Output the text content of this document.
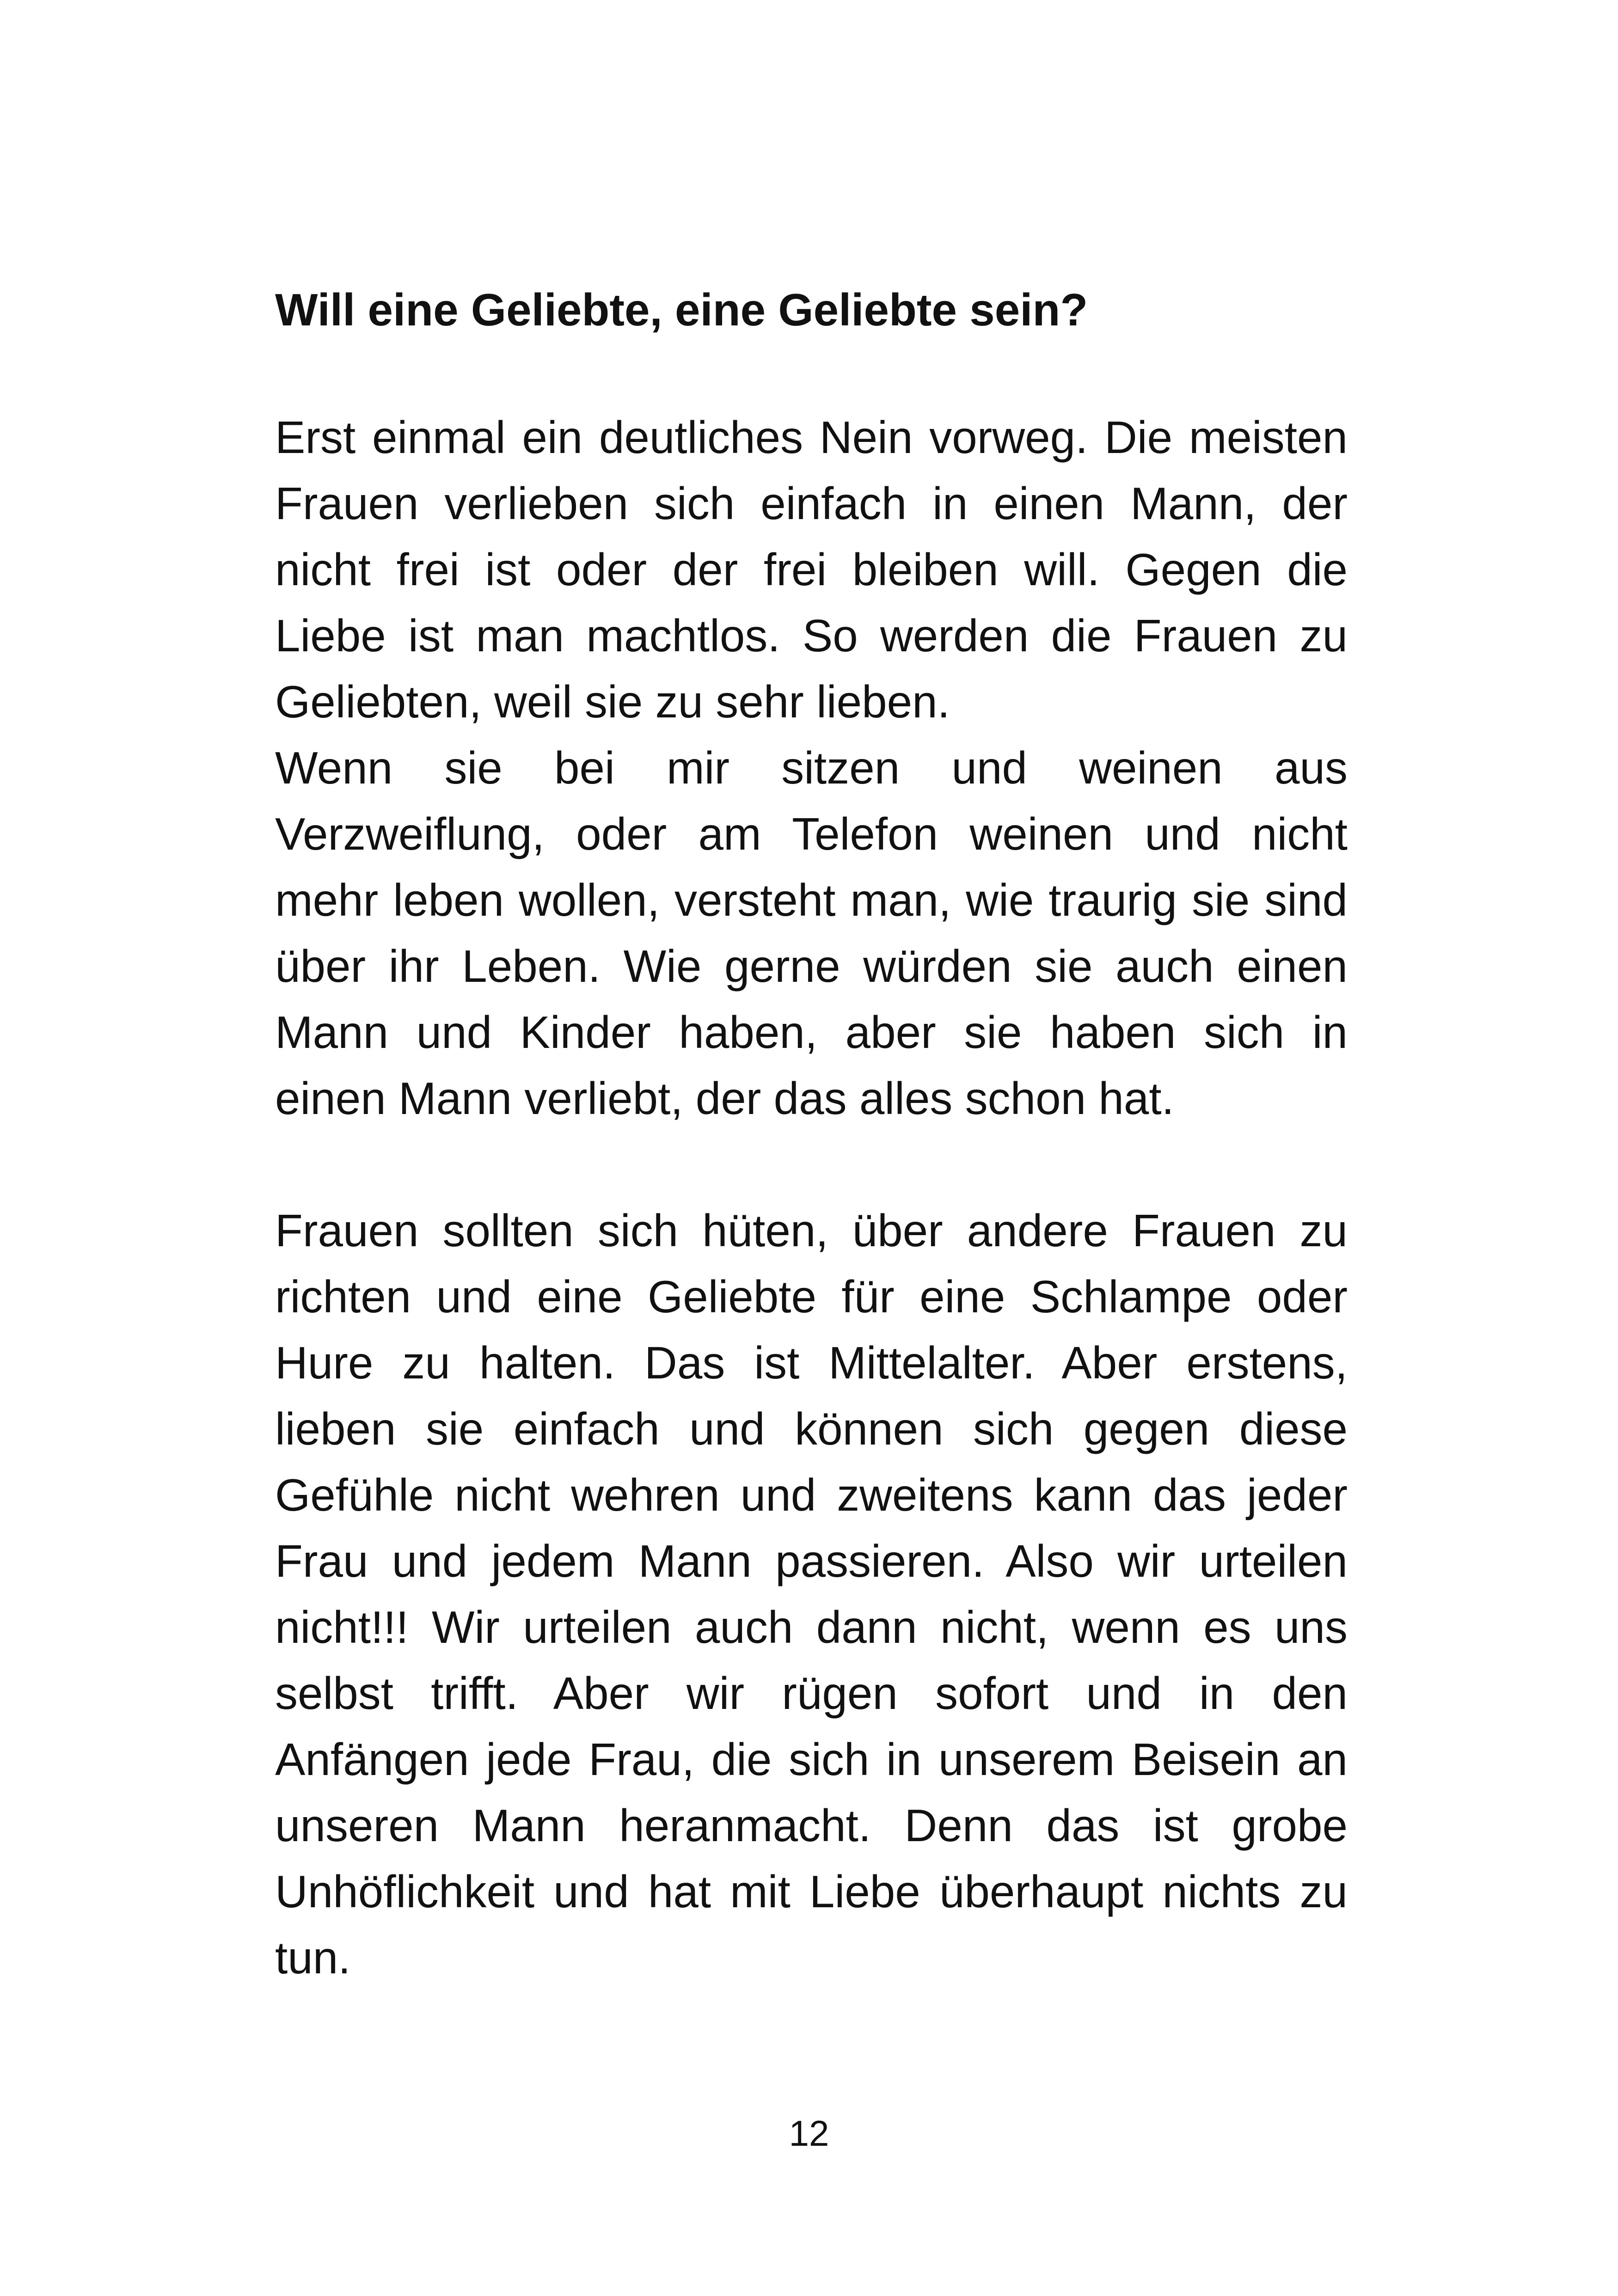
Will eine Geliebte, eine Geliebte sein?

Erst einmal ein deutliches Nein vorweg. Die meisten Frauen verlieben sich einfach in einen Mann, der nicht frei ist oder der frei bleiben will. Gegen die Liebe ist man machtlos. So werden die Frauen zu Geliebten, weil sie zu sehr lieben.

Wenn sie bei mir sitzen und weinen aus Verzweiflung, oder am Telefon weinen und nicht mehr leben wollen, versteht man, wie traurig sie sind über ihr Leben. Wie gerne würden sie auch einen Mann und Kinder haben, aber sie haben sich in einen Mann verliebt, der das alles schon hat.

Frauen sollten sich hüten, über andere Frauen zu richten und eine Geliebte für eine Schlampe oder Hure zu halten. Das ist Mittelalter. Aber erstens, lieben sie einfach und können sich gegen diese Gefühle nicht wehren und zweitens kann das jeder Frau und jedem Mann passieren. Also wir urteilen nicht!!! Wir urteilen auch dann nicht, wenn es uns selbst trifft. Aber wir rügen sofort und in den Anfängen jede Frau, die sich in unserem Beisein an unseren Mann heranmacht. Denn das ist grobe Unhöflichkeit und hat mit Liebe überhaupt nichts zu tun.

12
